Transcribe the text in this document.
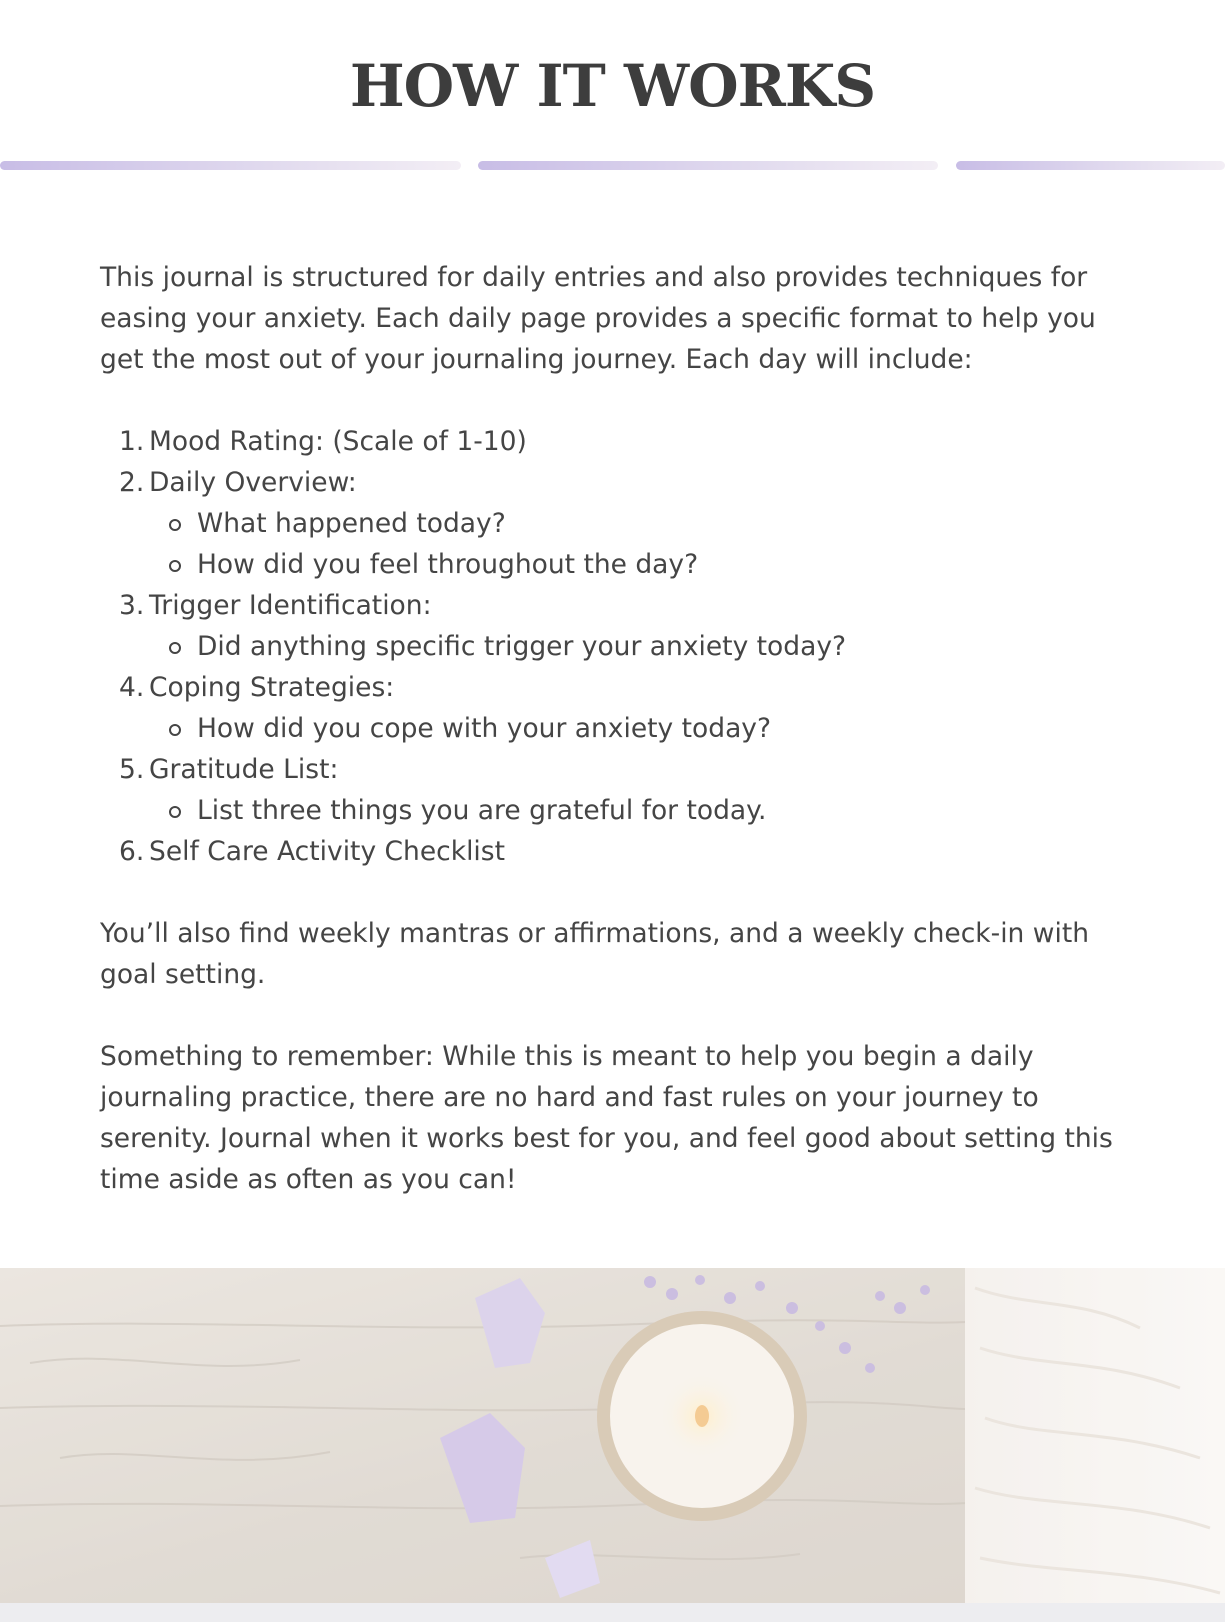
HOW IT WORKS

This journal is structured for daily entries and also provides techniques for easing your anxiety. Each daily page provides a specific format to help you get the most out of your journaling journey. Each day will include:

1. Mood Rating: (Scale of 1-10)
2. Daily Overview:
What happened today?
How did you feel throughout the day?
3. Trigger Identification:
Did anything specific trigger your anxiety today?
4. Coping Strategies:
How did you cope with your anxiety today?
5. Gratitude List:
List three things you are grateful for today.
6. Self Care Activity Checklist

You’ll also find weekly mantras or affirmations, and a weekly check-in with goal setting.

Something to remember: While this is meant to help you begin a daily journaling practice, there are no hard and fast rules on your journey to serenity. Journal when it works best for you, and feel good about setting this time aside as often as you can!
